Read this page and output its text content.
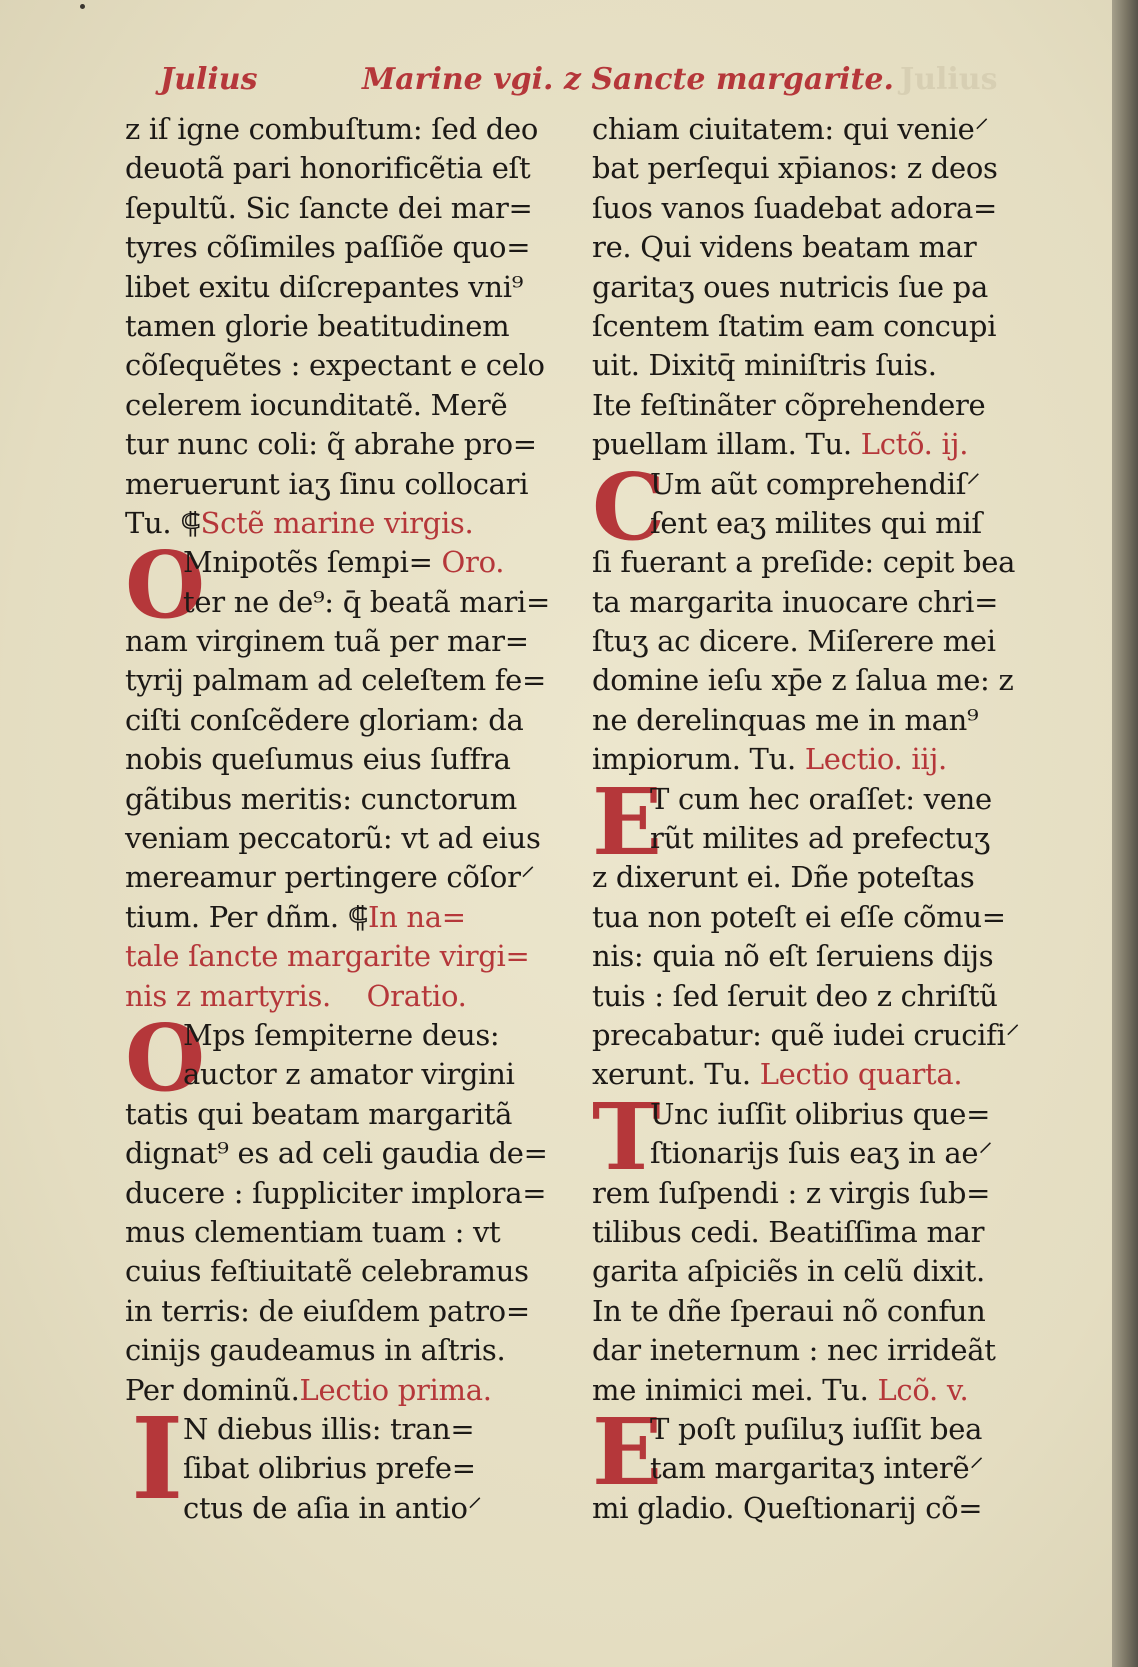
Julius	Marine vgi. z Sancte margarite. Julius
z iſ igne combuſtum: ſed deo
deuotã pari honorificẽtia eſt
ſepultũ. Sic ſancte dei mar=
tyres cõſimiles paſſiõe quo=
libet exitu diſcrepantes vni⁹
tamen glorie beatitudinem
cõſequẽtes : expectant e celo
celerem iocunditatẽ. Merẽ
tur nunc coli: q̃ abrahe pro=
meruerunt iaʒ ſinu collocari
Tu. ⸿Sctẽ marine virgis.
O
Mnipotẽs ſempi= Oro.
ter ne de⁹: q̄ beatã mari=
nam virginem tuã per mar=
tyrij palmam ad celeſtem fe=
ciſti conſcẽdere gloriam: da
nobis queſumus eius ſuffra
gãtibus meritis: cunctorum
veniam peccatorũ: vt ad eius
mereamur pertingere cõſor⸍
tium. Per dñm. ⸿In na=
tale ſancte margarite virgi=
nis z martyris. Oratio.
O
Mps ſempiterne deus:
auctor z amator virgini
tatis qui beatam margaritã
dignat⁹ es ad celi gaudia de=
ducere : ſuppliciter implora=
mus clementiam tuam : vt
cuius feſtiuitatẽ celebramus
in terris: de eiuſdem patro=
cinijs gaudeamus in aſtris.
Per dominũ.Lectio prima.
I N diebus illis: tran=
ſibat olibrius prefe=
ctus de aſia in antio⸍
chiam ciuitatem: qui venie⸍
bat perſequi xp̄ianos: z deos
ſuos vanos ſuadebat adora=
re. Qui videns beatam mar
garitaʒ oues nutricis ſue pa
ſcentem ſtatim eam concupi
uit. Dixitq̄ miniſtris ſuis.
Ite feſtinãter cõprehendere
puellam illam. Tu. Lctõ. ij.
C
Um aũt comprehendiſ⸍
ſent eaʒ milites qui miſ
ſi fuerant a preſide: cepit bea
ta margarita inuocare chri=
ſtuʒ ac dicere. Miſerere mei
domine ieſu xp̄e z ſalua me: z
ne derelinquas me in man⁹
impiorum. Tu. Lectio. iij.
E
T cum hec oraſſet: vene
rũt milites ad prefectuʒ
z dixerunt ei. Dñe poteſtas
tua non poteſt ei eſſe cõmu=
nis: quia nõ eſt ſeruiens dijs
tuis : ſed ſeruit deo z chriſtũ
precabatur: quẽ iudei crucifi⸍
xerunt. Tu. Lectio quarta.
T
Unc iuſſit olibrius que=
ſtionarijs ſuis eaʒ in ae⸍
rem ſuſpendi : z virgis ſub=
tilibus cedi. Beatiſſima mar
garita aſpiciẽs in celũ dixit.
In te dñe ſperaui nõ confun
dar ineternum : nec irrideãt
me inimici mei. Tu. Lcõ. v.
E
T poſt puſiluʒ iuſſit bea
tam margaritaʒ interẽ⸍
mi gladio. Queſtionarij cõ=
